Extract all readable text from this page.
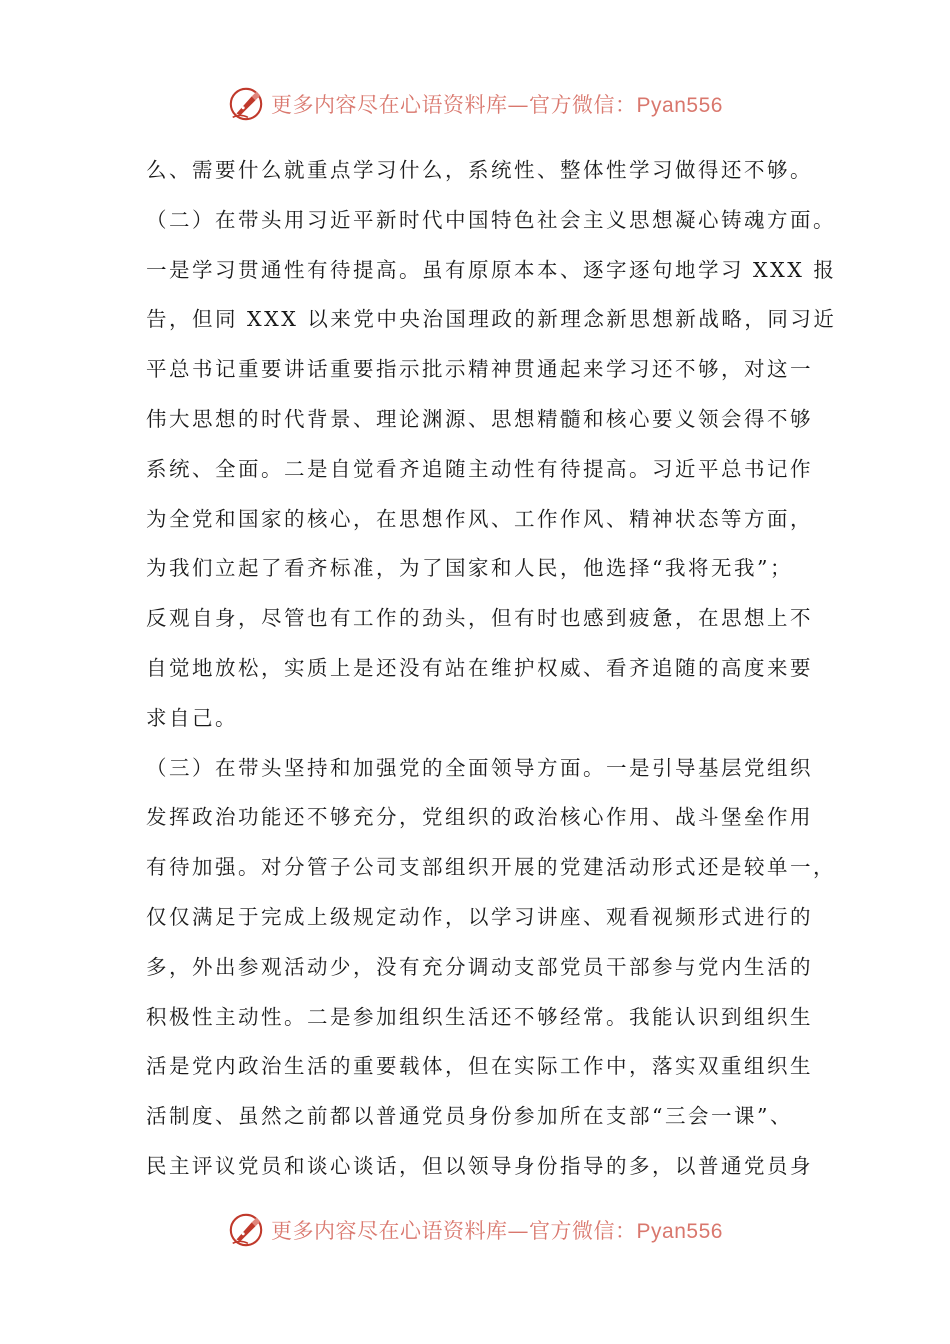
更多内容尽在心语资料库—官方微信：Pyan556
么、需要什么就重点学习什么，系统性、整体性学习做得还不够。
（二）在带头用习近平新时代中国特色社会主义思想凝心铸魂方面。
一是学习贯通性有待提高。虽有原原本本、逐字逐句地学习 XXX 报
告，但同 XXX 以来党中央治国理政的新理念新思想新战略，同习近
平总书记重要讲话重要指示批示精神贯通起来学习还不够，对这一
伟大思想的时代背景、理论渊源、思想精髓和核心要义领会得不够
系统、全面。二是自觉看齐追随主动性有待提高。习近平总书记作
为全党和国家的核心，在思想作风、工作作风、精神状态等方面，
为我们立起了看齐标准，为了国家和人民，他选择“我将无我”；
反观自身，尽管也有工作的劲头，但有时也感到疲惫，在思想上不
自觉地放松，实质上是还没有站在维护权威、看齐追随的高度来要
求自己。
（三）在带头坚持和加强党的全面领导方面。一是引导基层党组织
发挥政治功能还不够充分，党组织的政治核心作用、战斗堡垒作用
有待加强。对分管子公司支部组织开展的党建活动形式还是较单一，
仅仅满足于完成上级规定动作，以学习讲座、观看视频形式进行的
多，外出参观活动少，没有充分调动支部党员干部参与党内生活的
积极性主动性。二是参加组织生活还不够经常。我能认识到组织生
活是党内政治生活的重要载体，但在实际工作中，落实双重组织生
活制度、虽然之前都以普通党员身份参加所在支部“三会一课”、
民主评议党员和谈心谈话，但以领导身份指导的多，以普通党员身
更多内容尽在心语资料库—官方微信：Pyan556
